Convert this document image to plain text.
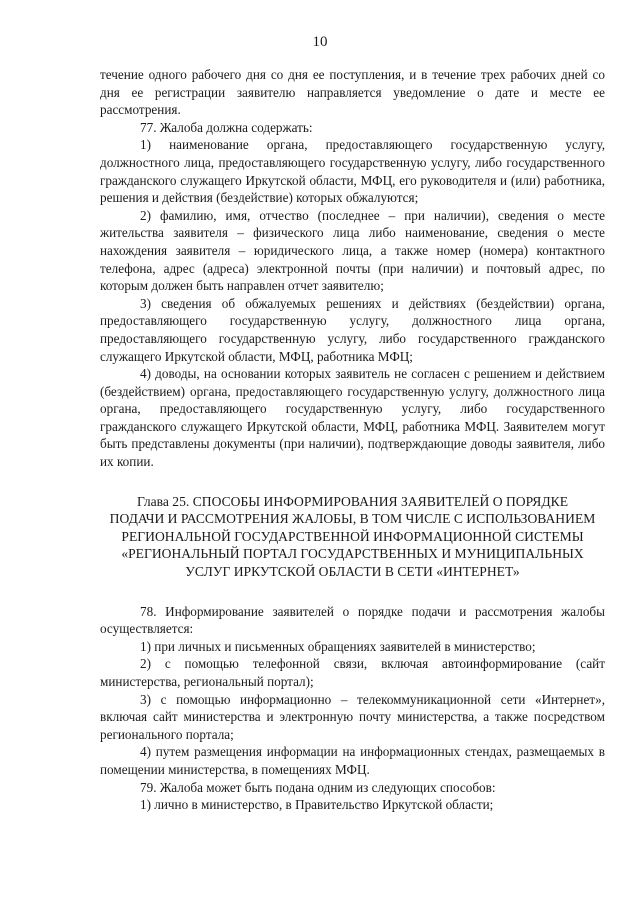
10

течение одного рабочего дня со дня ее поступления, и в течение трех рабочих дней со дня ее регистрации заявителю направляется уведомление о дате и месте ее рассмотрения.

77. Жалоба должна содержать:

1) наименование органа, предоставляющего государственную услугу, должностного лица, предоставляющего государственную услугу, либо государственного гражданского служащего Иркутской области, МФЦ, его руководителя и (или) работника, решения и действия (бездействие) которых обжалуются;

2) фамилию, имя, отчество (последнее – при наличии), сведения о месте жительства заявителя – физического лица либо наименование, сведения о месте нахождения заявителя – юридического лица, а также номер (номера) контактного телефона, адрес (адреса) электронной почты (при наличии) и почтовый адрес, по которым должен быть направлен отчет заявителю;

3) сведения об обжалуемых решениях и действиях (бездействии) органа, предоставляющего государственную услугу, должностного лица органа, предоставляющего государственную услугу, либо государственного гражданского служащего Иркутской области, МФЦ, работника МФЦ;

4) доводы, на основании которых заявитель не согласен с решением и действием (бездействием) органа, предоставляющего государственную услугу, должностного лица органа, предоставляющего государственную услугу, либо государственного гражданского служащего Иркутской области, МФЦ, работника МФЦ. Заявителем могут быть представлены документы (при наличии), подтверждающие доводы заявителя, либо их копии.

Глава 25. СПОСОБЫ ИНФОРМИРОВАНИЯ ЗАЯВИТЕЛЕЙ О ПОРЯДКЕ ПОДАЧИ И РАССМОТРЕНИЯ ЖАЛОБЫ, В ТОМ ЧИСЛЕ С ИСПОЛЬЗОВАНИЕМ РЕГИОНАЛЬНОЙ ГОСУДАРСТВЕННОЙ ИНФОРМАЦИОННОЙ СИСТЕМЫ «РЕГИОНАЛЬНЫЙ ПОРТАЛ ГОСУДАРСТВЕННЫХ И МУНИЦИПАЛЬНЫХ УСЛУГ ИРКУТСКОЙ ОБЛАСТИ В СЕТИ «ИНТЕРНЕТ»

78. Информирование заявителей о порядке подачи и рассмотрения жалобы осуществляется:

1) при личных и письменных обращениях заявителей в министерство;

2) с помощью телефонной связи, включая автоинформирование (сайт министерства, региональный портал);

3) с помощью информационно – телекоммуникационной сети «Интернет», включая сайт министерства и электронную почту министерства, а также посредством регионального портала;

4) путем размещения информации на информационных стендах, размещаемых в помещении министерства, в помещениях МФЦ.

79. Жалоба может быть подана одним из следующих способов:

1) лично в министерство, в Правительство Иркутской области;
